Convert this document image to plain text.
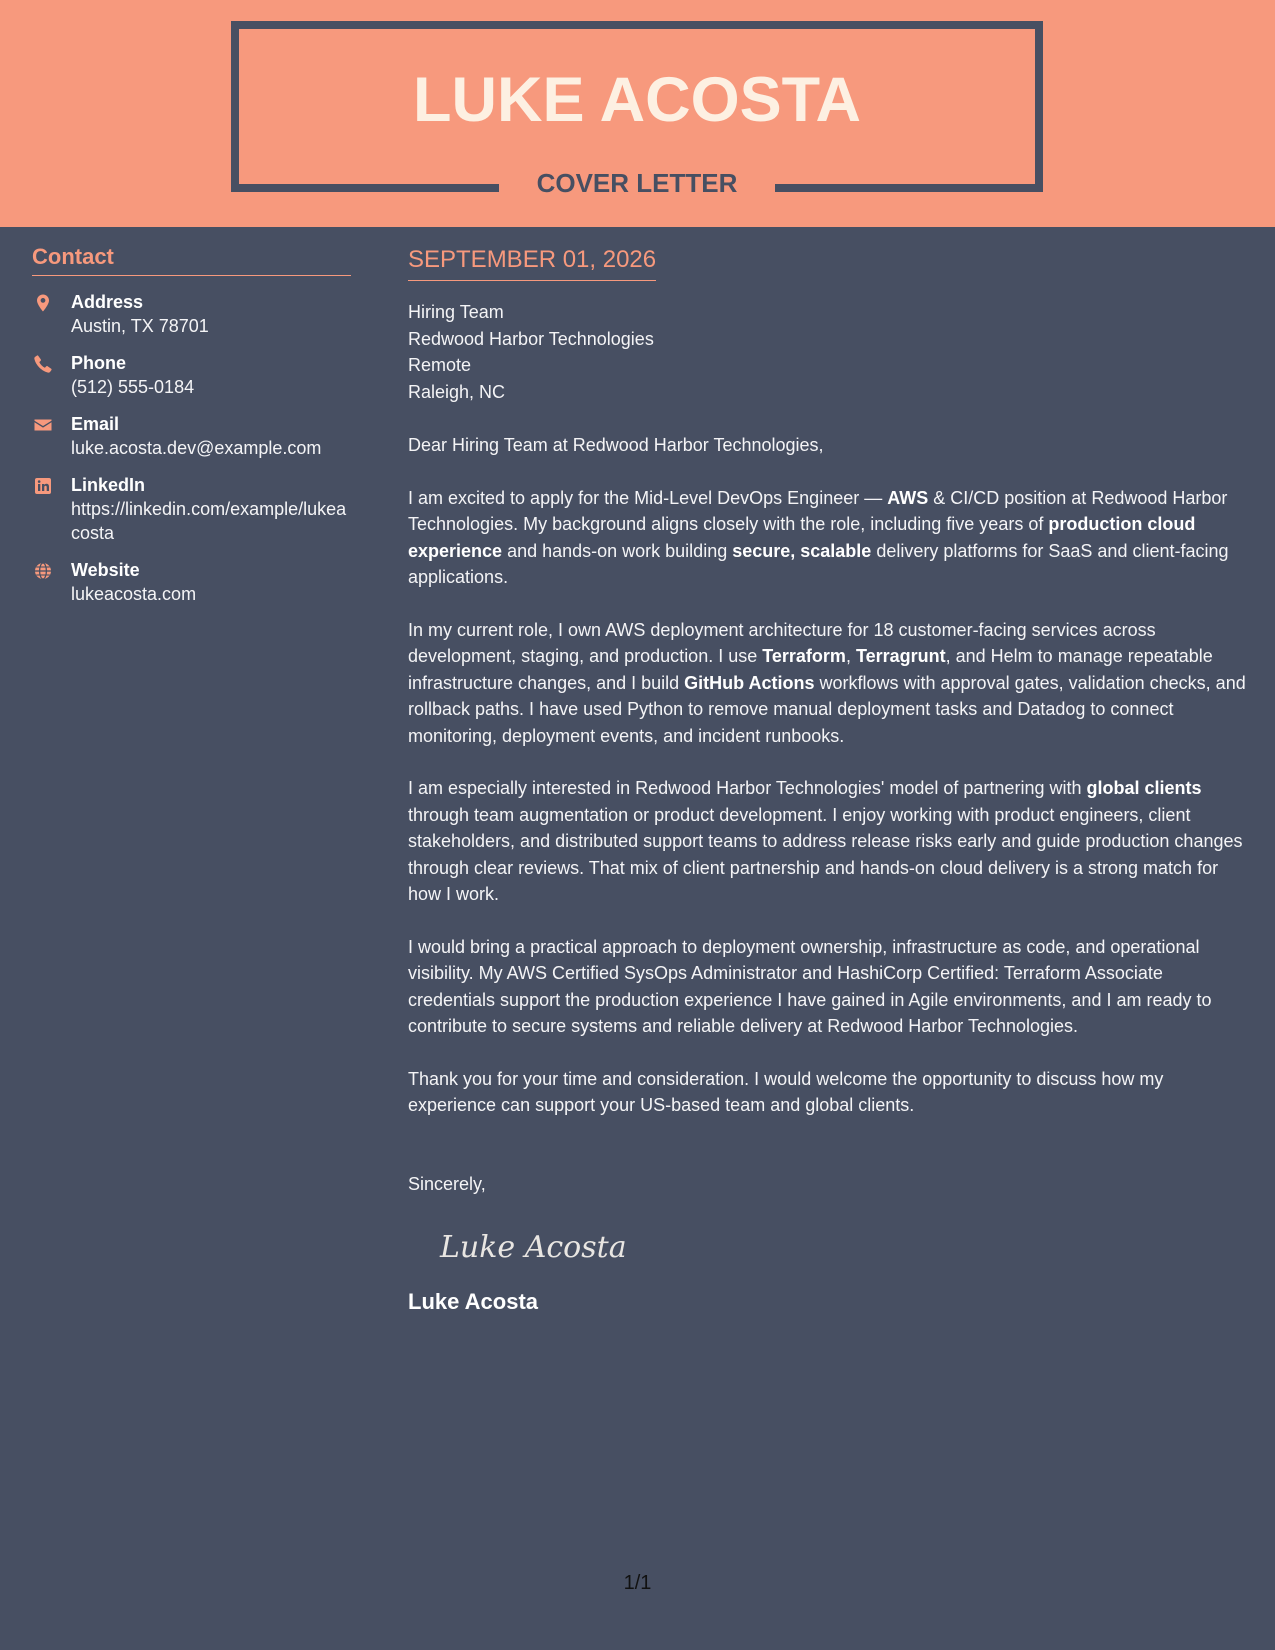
LUKE ACOSTA
COVER LETTER
Contact
Address
Austin, TX 78701
Phone
(512) 555-0184
Email
luke.acosta.dev@example.com
LinkedIn
https://linkedin.com/example/lukeacosta
Website
lukeacosta.com
SEPTEMBER 01, 2026
Hiring Team
Redwood Harbor Technologies
Remote
Raleigh, NC
Dear Hiring Team at Redwood Harbor Technologies,

I am excited to apply for the Mid-Level DevOps Engineer — AWS & CI/CD position at Redwood Harbor Technologies. My background aligns closely with the role, including five years of production cloud experience and hands-on work building secure, scalable delivery platforms for SaaS and client-facing applications.

In my current role, I own AWS deployment architecture for 18 customer-facing services across development, staging, and production. I use Terraform, Terragrunt, and Helm to manage repeatable infrastructure changes, and I build GitHub Actions workflows with approval gates, validation checks, and rollback paths. I have used Python to remove manual deployment tasks and Datadog to connect monitoring, deployment events, and incident runbooks.

I am especially interested in Redwood Harbor Technologies' model of partnering with global clients through team augmentation or product development. I enjoy working with product engineers, client stakeholders, and distributed support teams to address release risks early and guide production changes through clear reviews. That mix of client partnership and hands-on cloud delivery is a strong match for how I work.

I would bring a practical approach to deployment ownership, infrastructure as code, and operational visibility. My AWS Certified SysOps Administrator and HashiCorp Certified: Terraform Associate credentials support the production experience I have gained in Agile environments, and I am ready to contribute to secure systems and reliable delivery at Redwood Harbor Technologies.

Thank you for your time and consideration. I would welcome the opportunity to discuss how my experience can support your US-based team and global clients.

Sincerely,
Luke Acosta
Luke Acosta
1/1
